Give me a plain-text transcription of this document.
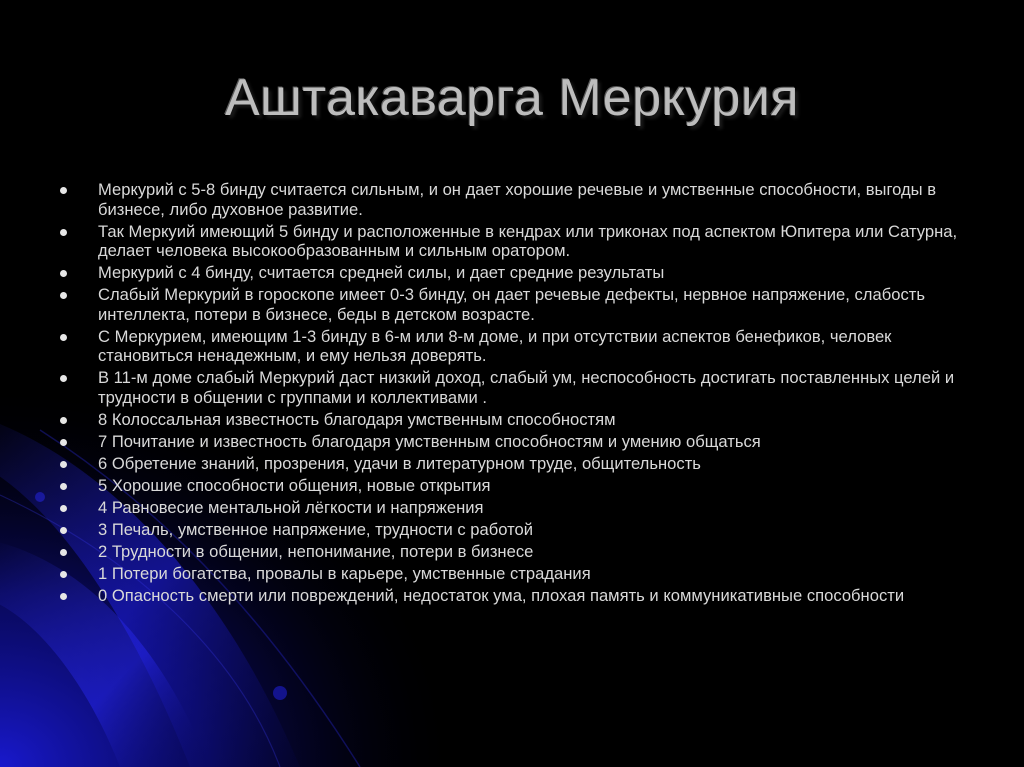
Аштакаварга Меркурия
Меркурий с 5-8 бинду считается сильным, и он дает хорошие речевые и умственные способности, выгоды в бизнесе, либо духовное развитие.
Так Меркуий имеющий 5 бинду и расположенные в кендрах или триконах под аспектом Юпитера или Сатурна, делает человека высокообразованным и сильным оратором.
Меркурий с 4 бинду, считается средней силы, и дает средние результаты
Слабый Меркурий в гороскопе имеет 0-3 бинду, он дает речевые дефекты, нервное напряжение, слабость интеллекта, потери в бизнесе, беды в детском возрасте.
С Меркурием, имеющим 1-3 бинду в 6-м или 8-м доме, и при отсутствии аспектов бенефиков, человек становиться ненадежным, и ему нельзя доверять.
В 11-м доме слабый Меркурий даст низкий доход, слабый ум, неспособность достигать поставленных целей и трудности в общении с группами и коллективами .
8 Колоссальная известность благодаря умственным способностям
7 Почитание и известность благодаря умственным способностям и умению общаться
6 Обретение знаний, прозрения, удачи в литературном труде, общительность
5 Хорошие способности общения, новые открытия
4 Равновесие ментальной лёгкости и напряжения
3 Печаль, умственное напряжение, трудности с работой
2 Трудности в общении, непонимание, потери в бизнесе
1 Потери богатства, провалы в карьере, умственные страдания
0 Опасность смерти или повреждений, недостаток ума, плохая память и коммуникативные способности
